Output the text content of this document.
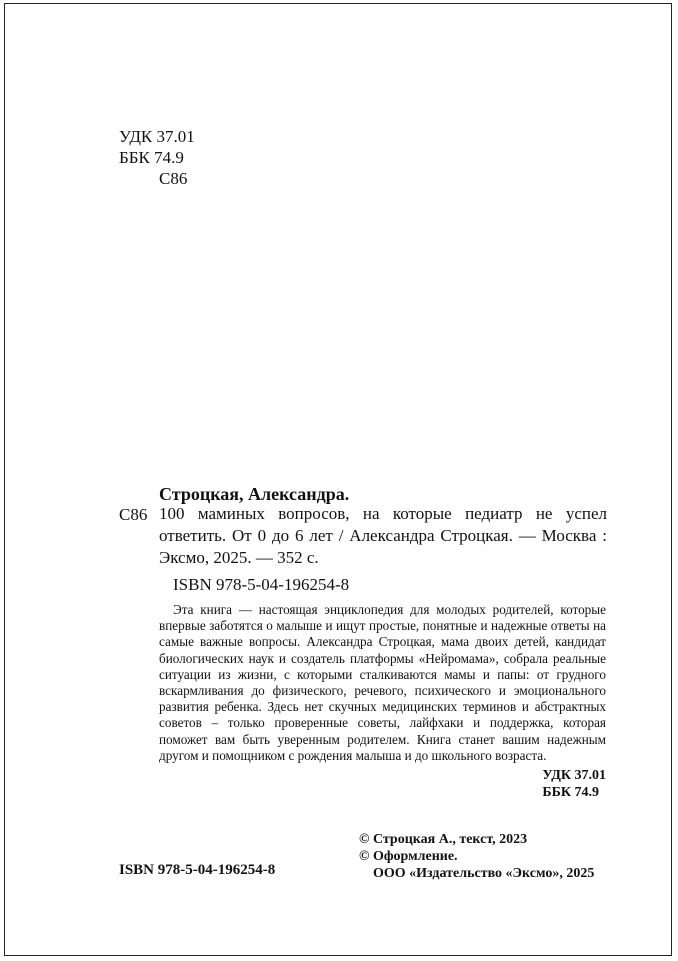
УДК 37.01
ББК 74.9
С86
Строцкая, Александра.
С86 100 маминых вопросов, на которые педиатр не успел ответить. От 0 до 6 лет / Александра Строцкая. — Москва : Эксмо, 2025. — 352 с.
ISBN 978-5-04-196254-8
Эта книга — настоящая энциклопедия для молодых родителей, которые впервые заботятся о малыше и ищут простые, понятные и надежные ответы на самые важные вопросы. Александра Строцкая, мама двоих детей, кандидат биологических наук и создатель платформы «Нейромама», собрала реальные ситуации из жизни, с которыми сталкиваются мамы и папы: от грудного вскармливания до физического, речевого, психического и эмоционального развития ребенка. Здесь нет скучных медицинских терминов и абстрактных советов – только проверенные советы, лайфхаки и поддержка, которая поможет вам быть уверенным родителем. Книга станет вашим надежным другом и помощником с рождения малыша и до школьного возраста.
УДК 37.01
ББК 74.9
ISBN 978-5-04-196254-8
© Строцкая А., текст, 2023
© Оформление.
ООО «Издательство «Эксмо», 2025
